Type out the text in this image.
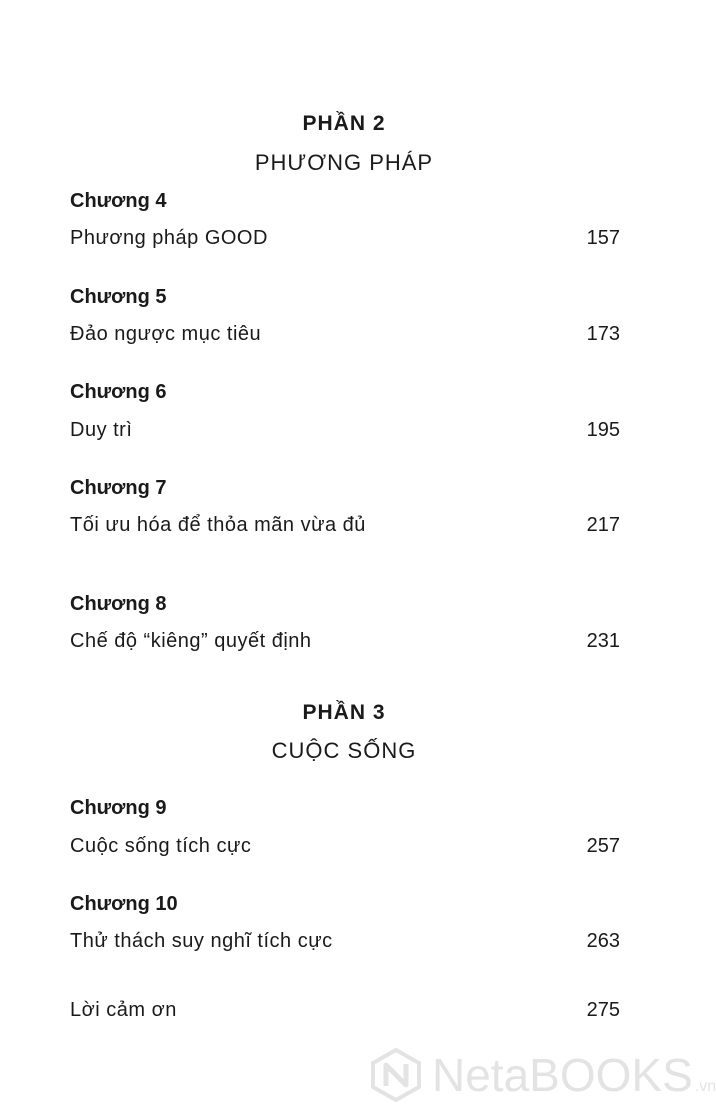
PHẦN 2
PHƯƠNG PHÁP
Chương 4
Phương pháp GOOD	157
Chương 5
Đảo ngược mục tiêu	173
Chương 6
Duy trì	195
Chương 7
Tối ưu hóa để thỏa mãn vừa đủ	217
Chương 8
Chế độ “kiêng” quyết định	231
PHẦN 3
CUỘC SỐNG
Chương 9
Cuộc sống tích cực	257
Chương 10
Thử thách suy nghĩ tích cực	263
Lời cảm ơn	275
NetaBOOKS .vn
